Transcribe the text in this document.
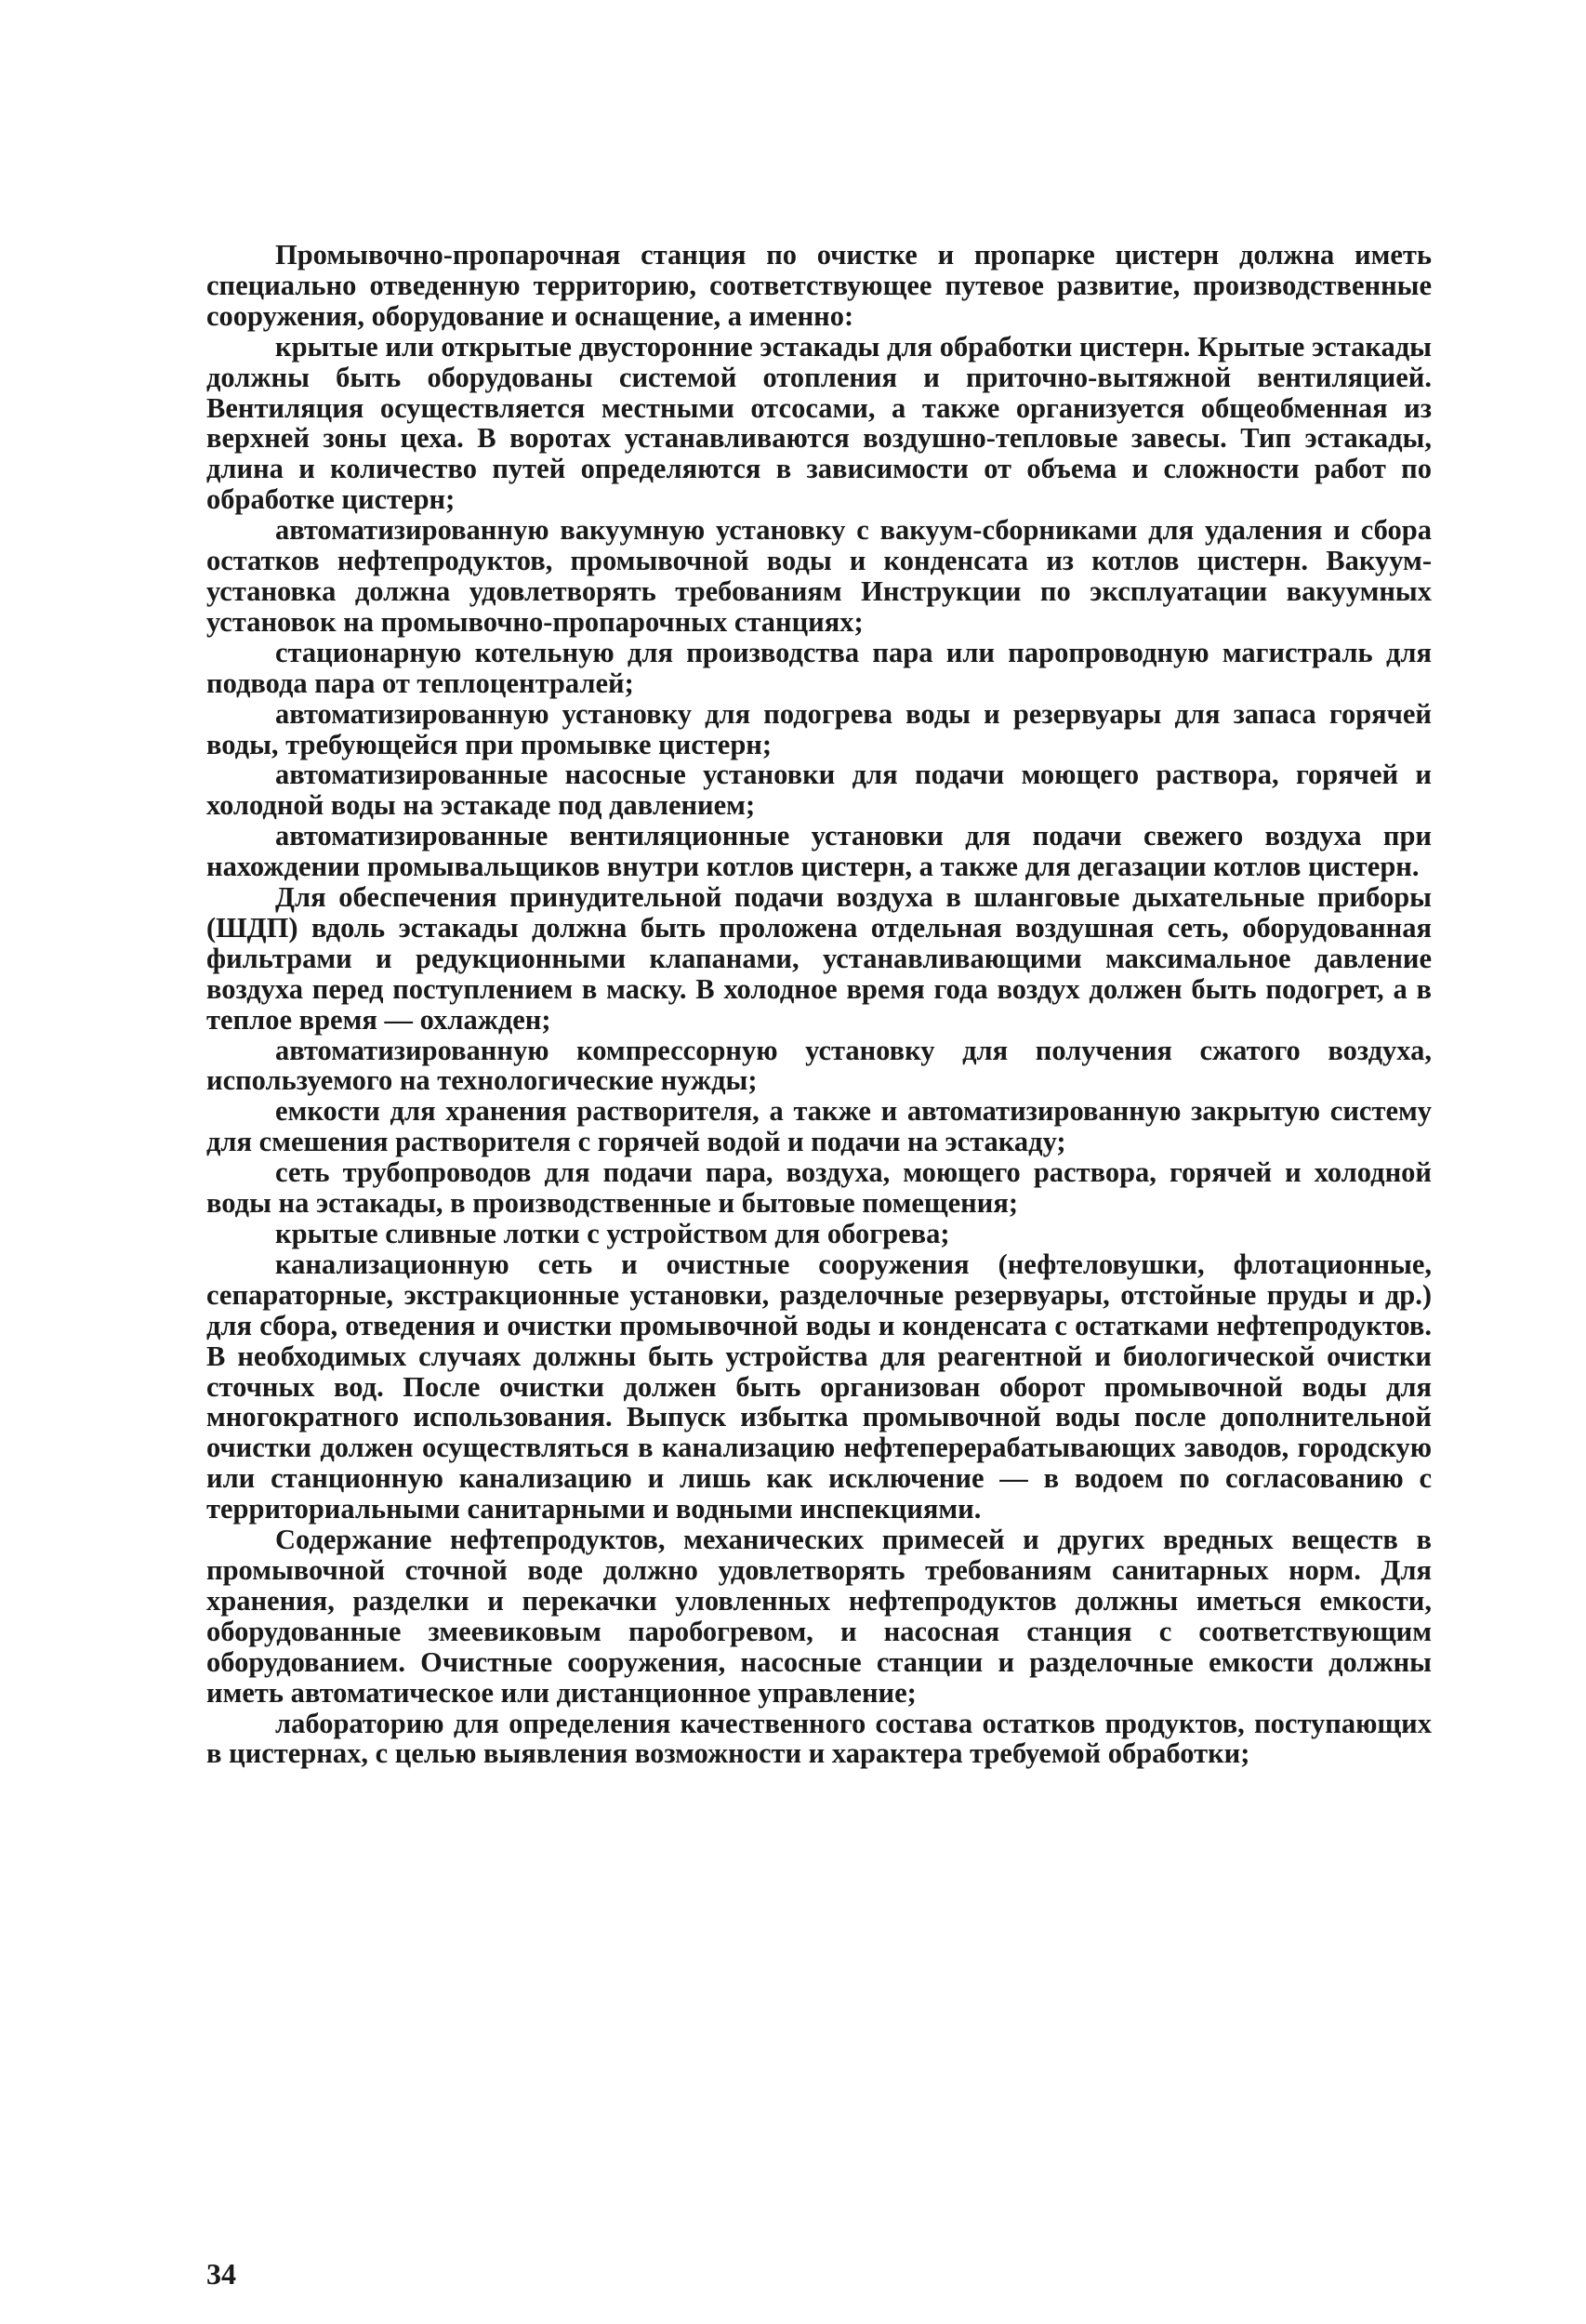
Промывочно-пропарочная станция по очистке и пропарке цистерн должна иметь специально отведенную территорию, соответствующее путевое развитие, производственные сооружения, оборудование и оснащение, а именно:

крытые или открытые двусторонние эстакады для обработки цистерн. Крытые эстакады должны быть оборудованы системой отопления и приточно-вытяжной вентиляцией. Вентиляция осуществляется местными отсосами, а также организуется общеобменная из верхней зоны цеха. В воротах устанавливаются воздушно-тепловые завесы. Тип эстакады, длина и количество путей определяются в зависимости от объема и сложности работ по обработке цистерн;

автоматизированную вакуумную установку с вакуум-сборниками для удаления и сбора остатков нефтепродуктов, промывочной воды и конденсата из котлов цистерн. Вакуум-установка должна удовлетворять требованиям Инструкции по эксплуатации вакуумных установок на промывочно-пропарочных станциях;

стационарную котельную для производства пара или паропроводную магистраль для подвода пара от теплоцентралей;

автоматизированную установку для подогрева воды и резервуары для запаса горячей воды, требующейся при промывке цистерн;

автоматизированные насосные установки для подачи моющего раствора, горячей и холодной воды на эстакаде под давлением;

автоматизированные вентиляционные установки для подачи свежего воздуха при нахождении промывальщиков внутри котлов цистерн, а также для дегазации котлов цистерн.

Для обеспечения принудительной подачи воздуха в шланговые дыхательные приборы (ШДП) вдоль эстакады должна быть проложена отдельная воздушная сеть, оборудованная фильтрами и редукционными клапанами, устанавливающими максимальное давление воздуха перед поступлением в маску. В холодное время года воздух должен быть подогрет, а в теплое время — охлажден;

автоматизированную компрессорную установку для получения сжатого воздуха, используемого на технологические нужды;

емкости для хранения растворителя, а также и автоматизированную закрытую систему для смешения растворителя с горячей водой и подачи на эстакаду;

сеть трубопроводов для подачи пара, воздуха, моющего раствора, горячей и холодной воды на эстакады, в производственные и бытовые помещения;

крытые сливные лотки с устройством для обогрева;

канализационную сеть и очистные сооружения (нефтеловушки, флотационные, сепараторные, экстракционные установки, разделочные резервуары, отстойные пруды и др.) для сбора, отведения и очистки промывочной воды и конденсата с остатками нефтепродуктов. В необходимых случаях должны быть устройства для реагентной и биологической очистки сточных вод. После очистки должен быть организован оборот промывочной воды для многократного использования. Выпуск избытка промывочной воды после дополнительной очистки должен осуществляться в канализацию нефтеперерабатывающих заводов, городскую или станционную канализацию и лишь как исключение — в водоем по согласованию с территориальными санитарными и водными инспекциями.

Содержание нефтепродуктов, механических примесей и других вредных веществ в промывочной сточной воде должно удовлетворять требованиям санитарных норм. Для хранения, разделки и перекачки уловленных нефтепродуктов должны иметься емкости, оборудованные змеевиковым паробогревом, и насосная станция с соответствующим оборудованием. Очистные сооружения, насосные станции и разделочные емкости должны иметь автоматическое или дистанционное управление;

лабораторию для определения качественного состава остатков продуктов, поступающих в цистернах, с целью выявления возможности и характера требуемой обработки;

34
